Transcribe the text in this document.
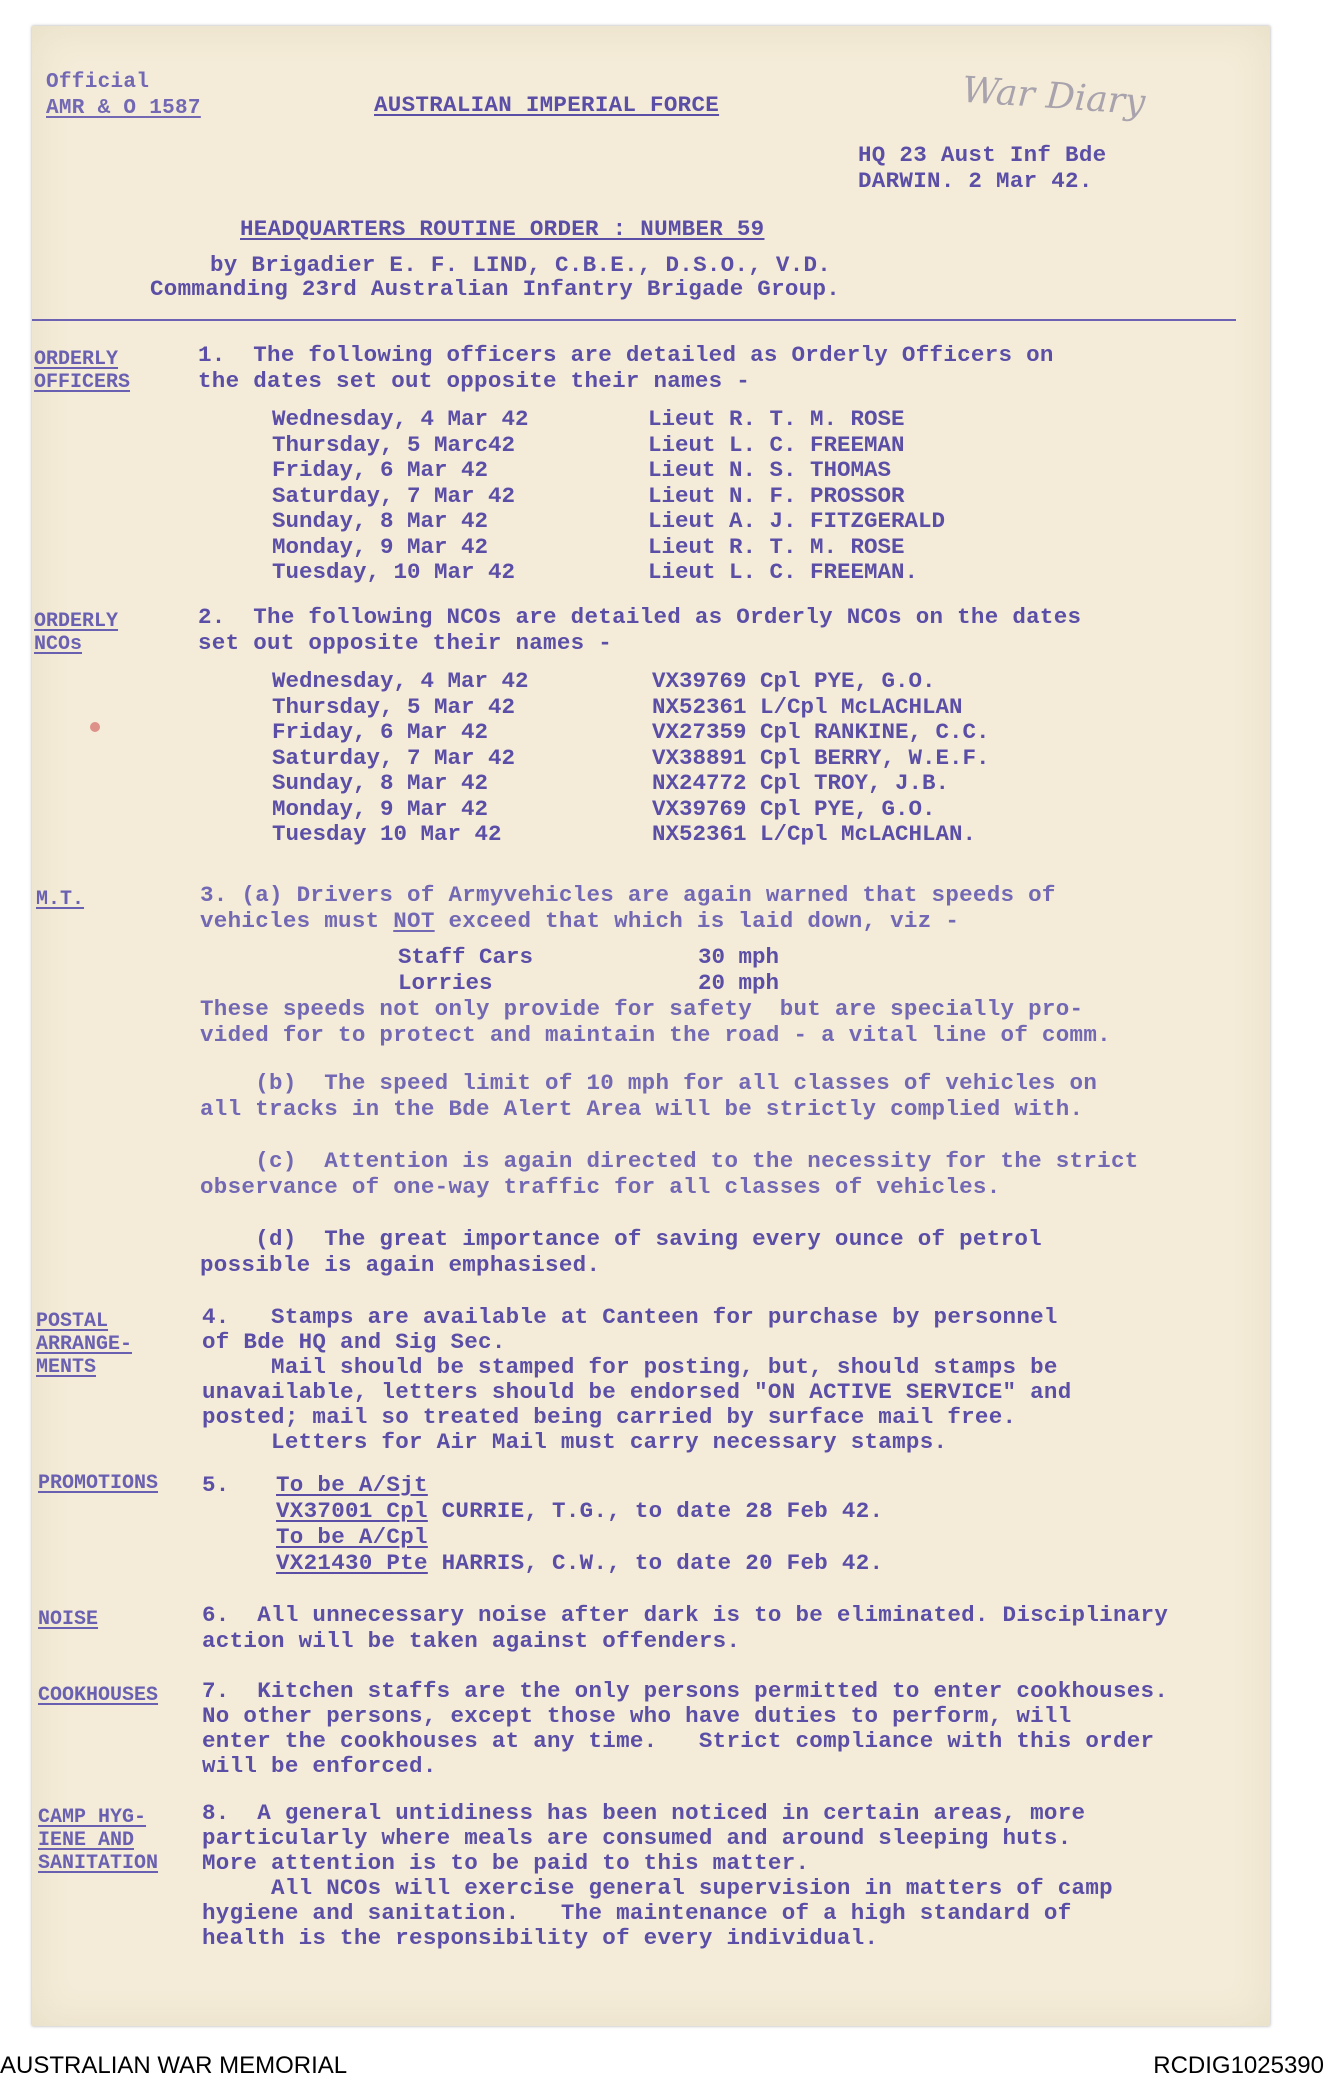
Official
AMR & O 1587	AUSTRALIAN IMPERIAL FORCE	War Diary
HQ 23 Aust Inf Bde
DARWIN. 2 Mar 42.
HEADQUARTERS ROUTINE ORDER : NUMBER 59
by Brigadier E. F. LIND, C.B.E., D.S.O., V.D.
Commanding 23rd Australian Infantry Brigade Group.
ORDERLY
OFFICERS
1.  The following officers are detailed as Orderly Officers on
the dates set out opposite their names -
Wednesday, 4 Mar 42	Lieut R. T. M. ROSE
Thursday, 5 Marc42	Lieut L. C. FREEMAN
Friday, 6 Mar 42	Lieut N. S. THOMAS
Saturday, 7 Mar 42	Lieut N. F. PROSSOR
Sunday, 8 Mar 42	Lieut A. J. FITZGERALD
Monday, 9 Mar 42	Lieut R. T. M. ROSE
Tuesday, 10 Mar 42	Lieut L. C. FREEMAN.
ORDERLY
NCOs
2.  The following NCOs are detailed as Orderly NCOs on the dates
set out opposite their names -
Wednesday, 4 Mar 42	VX39769 Cpl PYE, G.O.
Thursday, 5 Mar 42	NX52361 L/Cpl McLACHLAN
Friday, 6 Mar 42	VX27359 Cpl RANKINE, C.C.
Saturday, 7 Mar 42	VX38891 Cpl BERRY, W.E.F.
Sunday, 8 Mar 42	NX24772 Cpl TROY, J.B.
Monday, 9 Mar 42	VX39769 Cpl PYE, G.O.
Tuesday 10 Mar 42	NX52361 L/Cpl McLACHLAN.
M.T.	3. (a) Drivers of Armyvehicles are again warned that speeds of
vehicles must NOT exceed that which is laid down, viz -
Staff Cars	30 mph
Lorries	20 mph
These speeds not only provide for safety  but are specially pro-
vided for to protect and maintain the road - a vital line of comm.
(b)  The speed limit of 10 mph for all classes of vehicles on
all tracks in the Bde Alert Area will be strictly complied with.
(c)  Attention is again directed to the necessity for the strict
observance of one-way traffic for all classes of vehicles.
(d)  The great importance of saving every ounce of petrol
possible is again emphasised.
POSTAL
ARRANGE-
MENTS
4.   Stamps are available at Canteen for purchase by personnel
of Bde HQ and Sig Sec.
Mail should be stamped for posting, but, should stamps be
unavailable, letters should be endorsed "ON ACTIVE SERVICE" and
posted; mail so treated being carried by surface mail free.
Letters for Air Mail must carry necessary stamps.
PROMOTIONS 5. To be A/Sjt
VX37001 Cpl CURRIE, T.G., to date 28 Feb 42.
To be A/Cpl
VX21430 Pte HARRIS, C.W., to date 20 Feb 42.
NOISE	6.  All unnecessary noise after dark is to be eliminated. Disciplinary
action will be taken against offenders.
COOKHOUSES 7.  Kitchen staffs are the only persons permitted to enter cookhouses.
No other persons, except those who have duties to perform, will
enter the cookhouses at any time.   Strict compliance with this order
will be enforced.
CAMP HYG-
IENE AND
SANITATION
8.  A general untidiness has been noticed in certain areas, more
particularly where meals are consumed and around sleeping huts.
More attention is to be paid to this matter.
All NCOs will exercise general supervision in matters of camp
hygiene and sanitation.   The maintenance of a high standard of
health is the responsibility of every individual.
AUSTRALIAN WAR MEMORIAL	RCDIG1025390
